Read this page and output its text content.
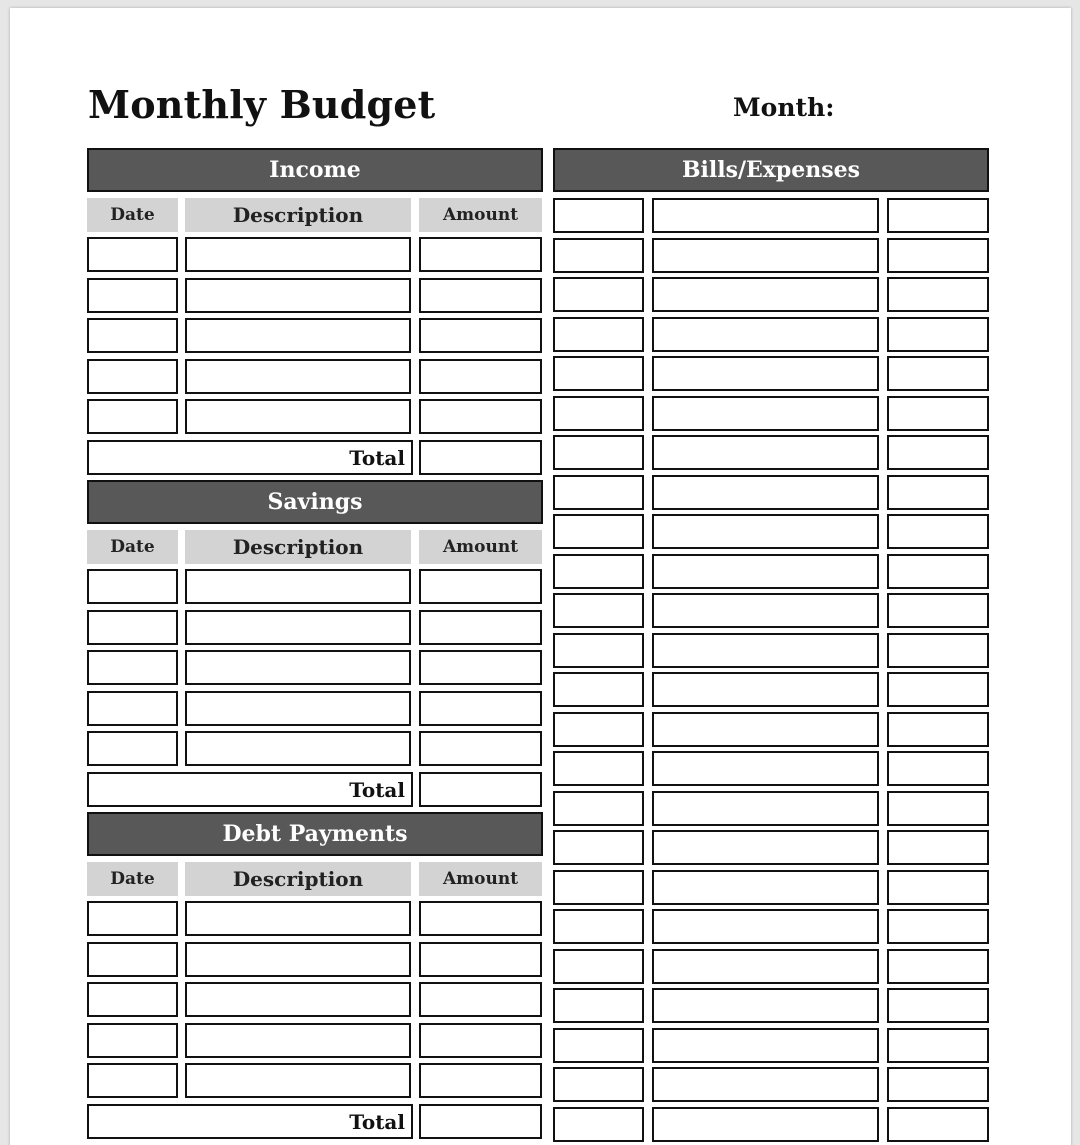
Monthly Budget	Month:
Income
Date	Description	Amount
Total
Savings
Date	Description	Amount
Total
Debt Payments
Date	Description	Amount
Total
Bills/Expenses
